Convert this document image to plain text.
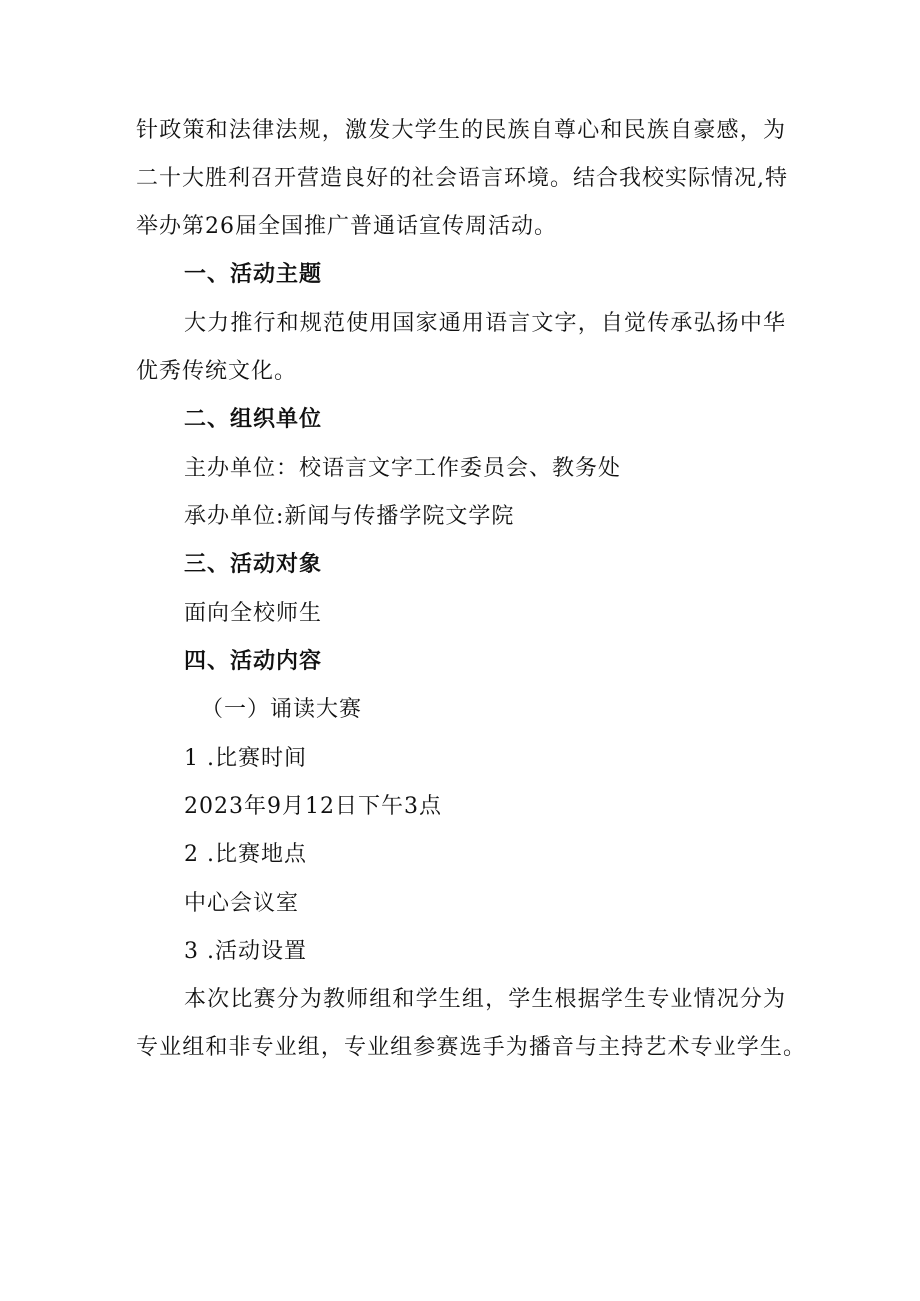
针政策和法律法规，激发大学生的民族自尊心和民族自豪感，为
二十大胜利召开营造良好的社会语言环境。结合我校实际情况,特
举办第26届全国推广普通话宣传周活动。
一、活动主题
大力推行和规范使用国家通用语言文字，自觉传承弘扬中华
优秀传统文化。
二、组织单位
主办单位：校语言文字工作委员会、教务处
承办单位:新闻与传播学院文学院
三、活动对象
面向全校师生
四、活动内容
（一）诵读大赛
1 .比赛时间
2023年9月12日下午3点
2 .比赛地点
中心会议室
3 .活动设置
本次比赛分为教师组和学生组，学生根据学生专业情况分为
专业组和非专业组，专业组参赛选手为播音与主持艺术专业学生。
